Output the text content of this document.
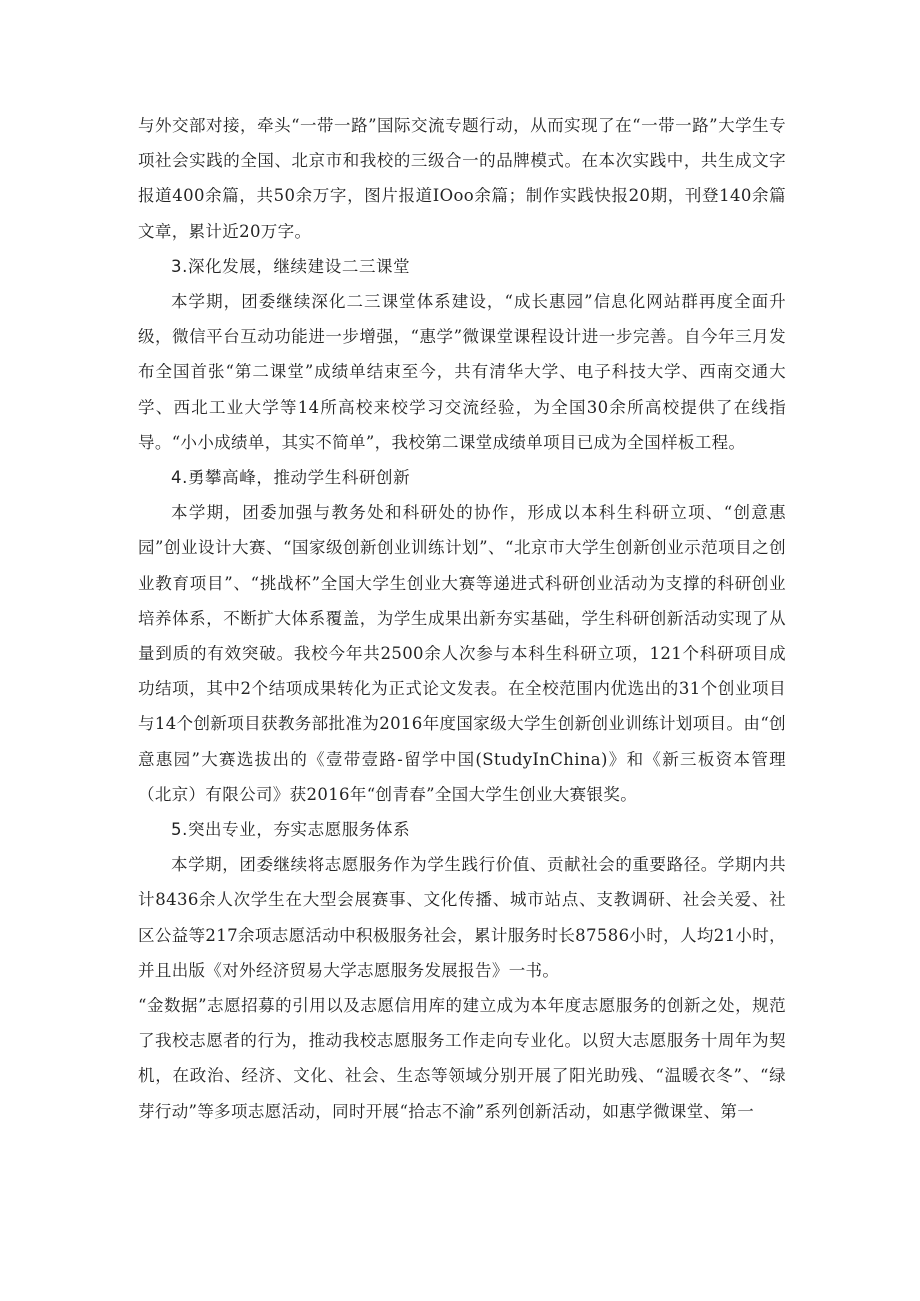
与外交部对接，牵头“一带一路”国际交流专题行动，从而实现了在“一带一路”大学生专项社会实践的全国、北京市和我校的三级合一的品牌模式。在本次实践中，共生成文字报道400余篇，共50余万字，图片报道IOoo余篇；制作实践快报20期，刊登140余篇文章，累计近20万字。

3.深化发展，继续建设二三课堂

本学期，团委继续深化二三课堂体系建设，“成长惠园”信息化网站群再度全面升级，微信平台互动功能进一步增强，“惠学”微课堂课程设计进一步完善。自今年三月发布全国首张“第二课堂”成绩单结束至今，共有清华大学、电子科技大学、西南交通大学、西北工业大学等14所高校来校学习交流经验，为全国30余所高校提供了在线指导。“小小成绩单，其实不简单”，我校第二课堂成绩单项目已成为全国样板工程。

4.勇攀高峰，推动学生科研创新

本学期，团委加强与教务处和科研处的协作，形成以本科生科研立项、“创意惠园”创业设计大赛、“国家级创新创业训练计划”、“北京市大学生创新创业示范项目之创业教育项目”、“挑战杯”全国大学生创业大赛等递进式科研创业活动为支撑的科研创业培养体系，不断扩大体系覆盖，为学生成果出新夯实基础，学生科研创新活动实现了从量到质的有效突破。我校今年共2500余人次参与本科生科研立项，121个科研项目成功结项，其中2个结项成果转化为正式论文发表。在全校范围内优选出的31个创业项目与14个创新项目获教务部批准为2016年度国家级大学生创新创业训练计划项目。由“创意惠园”大赛选拔出的《壹带壹路-留学中国(StudyInChina)》和《新三板资本管理（北京）有限公司》获2016年“创青春”全国大学生创业大赛银奖。

5.突出专业，夯实志愿服务体系

本学期，团委继续将志愿服务作为学生践行价值、贡献社会的重要路径。学期内共计8436余人次学生在大型会展赛事、文化传播、城市站点、支教调研、社会关爱、社区公益等217余项志愿活动中积极服务社会，累计服务时长87586小时，人均21小时，并且出版《对外经济贸易大学志愿服务发展报告》一书。

“金数据”志愿招募的引用以及志愿信用库的建立成为本年度志愿服务的创新之处，规范了我校志愿者的行为，推动我校志愿服务工作走向专业化。以贸大志愿服务十周年为契机，在政治、经济、文化、社会、生态等领域分别开展了阳光助残、“温暖衣冬”、“绿芽行动”等多项志愿活动，同时开展“拾志不渝”系列创新活动，如惠学微课堂、第一
